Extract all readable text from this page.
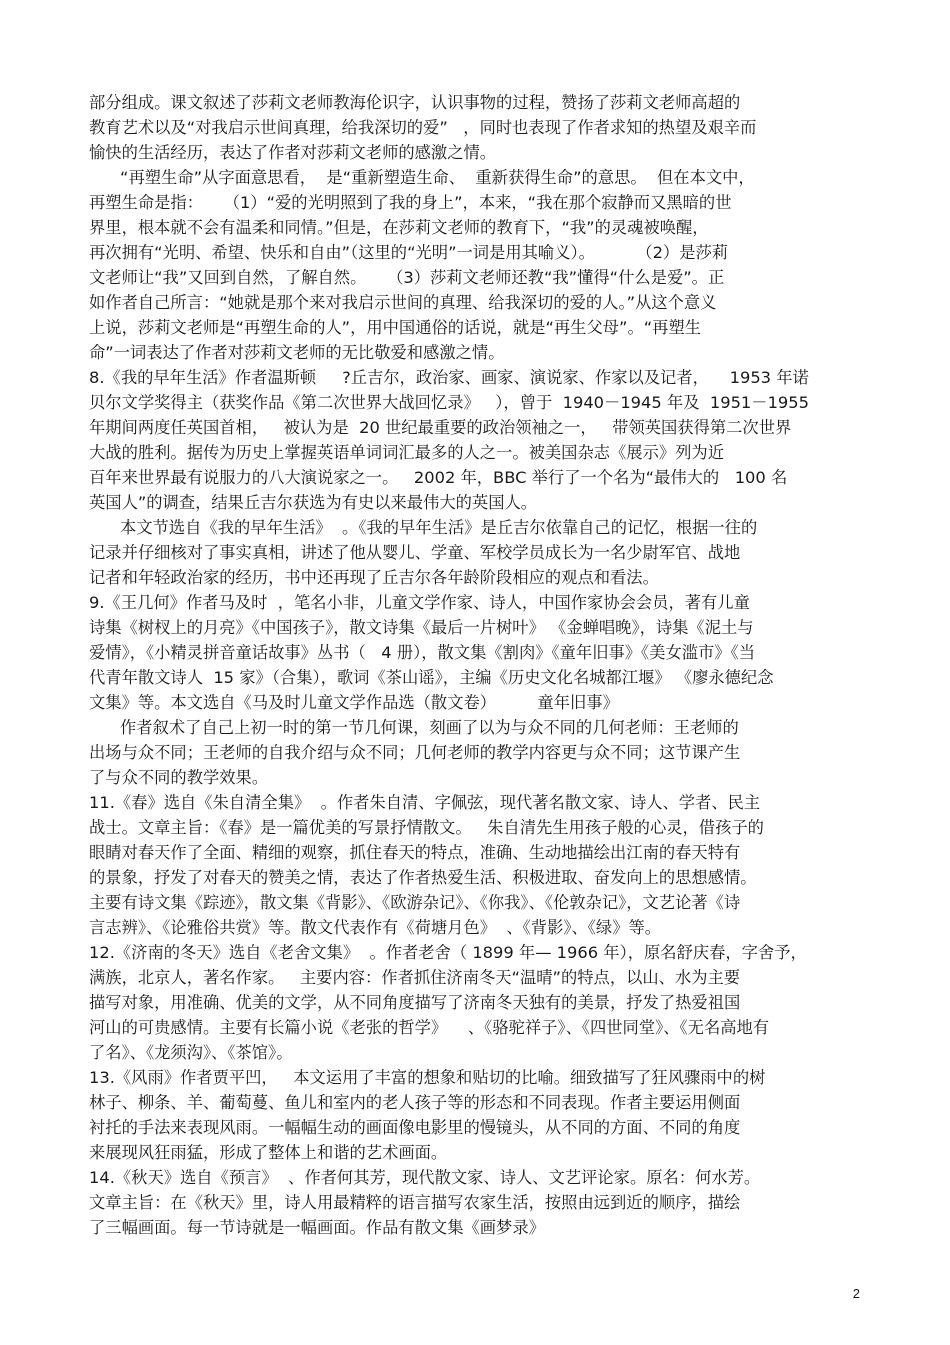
部分组成。课文叙述了莎莉文老师教海伦识字，认识事物的过程，赞扬了莎莉文老师高超的
教育艺术以及“对我启示世间真理，给我深切的爱”   ，同时也表现了作者求知的热望及艰辛而
愉快的生活经历，表达了作者对莎莉文老师的感激之情。
“再塑生命”从字面意思看，  是“重新塑造生命、  重新获得生命”的意思。  但在本文中，
再塑生命是指：    （1）“爱的光明照到了我的身上”，本来，“我在那个寂静而又黑暗的世
界里，根本就不会有温柔和同情。”但是，在莎莉文老师的教育下，“我”的灵魂被唤醒，
再次拥有“光明、希望、快乐和自由”（这里的“光明”一词是用其喻义）。        （2）是莎莉
文老师让“我”又回到自然，了解自然。    （3）莎莉文老师还教“我”懂得“什么是爱”。正
如作者自己所言：“她就是那个来对我启示世间的真理、给我深切的爱的人。”从这个意义
上说，莎莉文老师是“再塑生命的人”，用中国通俗的话说，就是“再生父母”。“再塑生
命”一词表达了作者对莎莉文老师的无比敬爱和感激之情。
8.《我的早年生活》作者温斯顿     ?丘吉尔，政治家、画家、演说家、作家以及记者，    1953 年诺
贝尔文学奖得主（获奖作品《第二次世界大战回忆录》   ），曾于  1940－1945 年及  1951－1955
年期间两度任英国首相，   被认为是  20 世纪最重要的政治领袖之一，   带领英国获得第二次世界
大战的胜利。据传为历史上掌握英语单词词汇最多的人之一。被美国杂志《展示》列为近
百年来世界最有说服力的八大演说家之一。   2002 年，BBC 举行了一个名为“最伟大的   100 名
英国人”的调查，结果丘吉尔获选为有史以来最伟大的英国人。
本文节选自《我的早年生活》  。《我的早年生活》是丘吉尔依靠自己的记忆，根据一往的
记录并仔细核对了事实真相，讲述了他从婴儿、学童、军校学员成长为一名少尉军官、战地
记者和年轻政治家的经历，书中还再现了丘吉尔各年龄阶段相应的观点和看法。
9.《王几何》作者马及时  ，笔名小非，儿童文学作家、诗人，中国作家协会会员，著有儿童
诗集《树杈上的月亮》《中国孩子》，散文诗集《最后一片树叶》 《金蝉唱晚》，诗集《泥土与
爱情》，《小精灵拼音童话故事》丛书（   4 册），散文集《割肉》《童年旧事》《美女滥市》《当
代青年散文诗人  15 家》（合集），歌词《茶山谣》，主编《历史文化名城都江堰》 《廖永德纪念
文集》等。本文选自《马及时儿童文学作品选（散文卷）        童年旧事》
作者叙术了自己上初一时的第一节几何课，刻画了以为与众不同的几何老师：王老师的
出场与众不同；王老师的自我介绍与众不同；几何老师的教学内容更与众不同；这节课产生
了与众不同的教学效果。
11.《春》选自《朱自清全集》  。作者朱自清、字佩弦，现代著名散文家、诗人、学者、民主
战士。文章主旨：《春》是一篇优美的写景抒情散文。   朱自清先生用孩子般的心灵，借孩子的
眼睛对春天作了全面、精细的观察，抓住春天的特点，准确、生动地描绘出江南的春天特有
的景象，抒发了对春天的赞美之情，表达了作者热爱生活、积极进取、奋发向上的思想感情。
主要有诗文集《踪迹》，散文集《背影》、《欧游杂记》、《你我》、《伦敦杂记》，文艺论著《诗
言志辨》、《论雅俗共赏》等。散文代表作有《荷塘月色》  、《背影》、《绿》等。
12.《济南的冬天》选自《老舍文集》  。作者老舍（ 1899 年— 1966 年），原名舒庆春，字舍予，
满族，北京人，著名作家。   主要内容：作者抓住济南冬天“温晴”的特点，以山、水为主要
描写对象，用准确、优美的文学，从不同角度描写了济南冬天独有的美景，抒发了热爱祖国
河山的可贵感情。主要有长篇小说《老张的哲学》    、《骆驼祥子》、《四世同堂》、《无名高地有
了名》、《龙须沟》、《茶馆》。
13.《风雨》作者贾平凹，   本文运用了丰富的想象和贴切的比喻。细致描写了狂风骤雨中的树
林子、柳条、羊、葡萄蔓、鱼儿和室内的老人孩子等的形态和不同表现。作者主要运用侧面
衬托的手法来表现风雨。一幅幅生动的画面像电影里的慢镜头，从不同的方面、不同的角度
来展现风狂雨猛，形成了整体上和谐的艺术画面。
14.《秋天》选自《预言》  、作者何其芳，现代散文家、诗人、文艺评论家。原名：何水芳。
文章主旨：在《秋天》里，诗人用最精粹的语言描写农家生活，按照由远到近的顺序，描绘
了三幅画面。每一节诗就是一幅画面。作品有散文集《画梦录》
2
